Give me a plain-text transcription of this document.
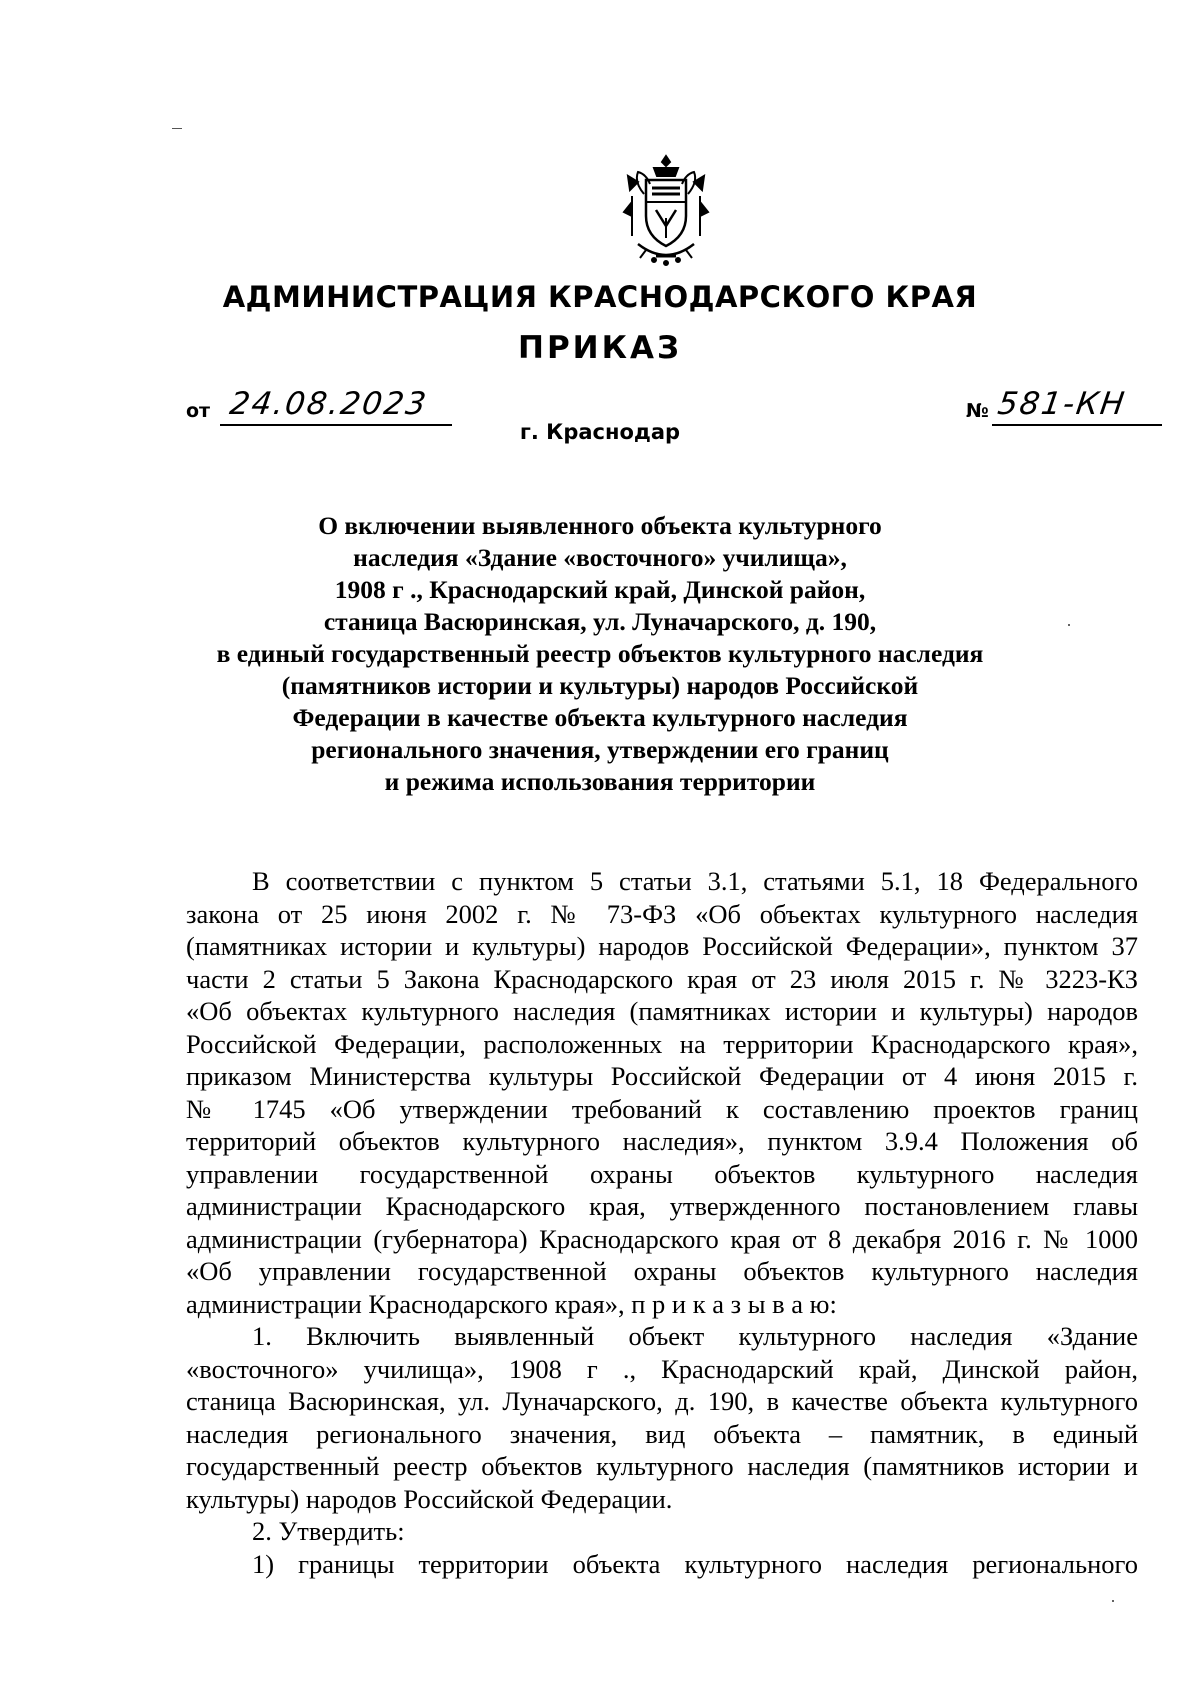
АДМИНИСТРАЦИЯ КРАСНОДАРСКОГО КРАЯ
ПРИКАЗ
от 24.08.2023	№ 581-КН
г. Краснодар
О включении выявленного объекта культурного
наследия «Здание «восточного» училища»,
1908 г ., Краснодарский край, Динской район,
станица Васюринская, ул. Луначарского, д. 190,
в единый государственный реестр объектов культурного наследия
(памятников истории и культуры) народов Российской
Федерации в качестве объекта культурного наследия
регионального значения, утверждении его границ
и режима использования территории
В соответствии с пунктом 5 статьи 3.1, статьями 5.1, 18 Федерального
закона от 25 июня 2002 г. № 73-ФЗ «Об объектах культурного наследия
(памятниках истории и культуры) народов Российской Федерации», пунктом 37
части 2 статьи 5 Закона Краснодарского края от 23 июля 2015 г. № 3223-КЗ
«Об объектах культурного наследия (памятниках истории и культуры) народов
Российской Федерации, расположенных на территории Краснодарского края»,
приказом Министерства культуры Российской Федерации от 4 июня 2015 г.
№ 1745 «Об утверждении требований к составлению проектов границ
территорий объектов культурного наследия», пунктом 3.9.4 Положения об
управлении государственной охраны объектов культурного наследия
администрации Краснодарского края, утвержденного постановлением главы
администрации (губернатора) Краснодарского края от 8 декабря 2016 г. № 1000
«Об управлении государственной охраны объектов культурного наследия
администрации Краснодарского края», п р и к а з ы в а ю:
1. Включить выявленный объект культурного наследия «Здание
«восточного» училища», 1908 г ., Краснодарский край, Динской район,
станица Васюринская, ул. Луначарского, д. 190, в качестве объекта культурного
наследия регионального значения, вид объекта – памятник, в единый
государственный реестр объектов культурного наследия (памятников истории и
культуры) народов Российской Федерации.
2. Утвердить:
1) границы территории объекта культурного наследия регионального
